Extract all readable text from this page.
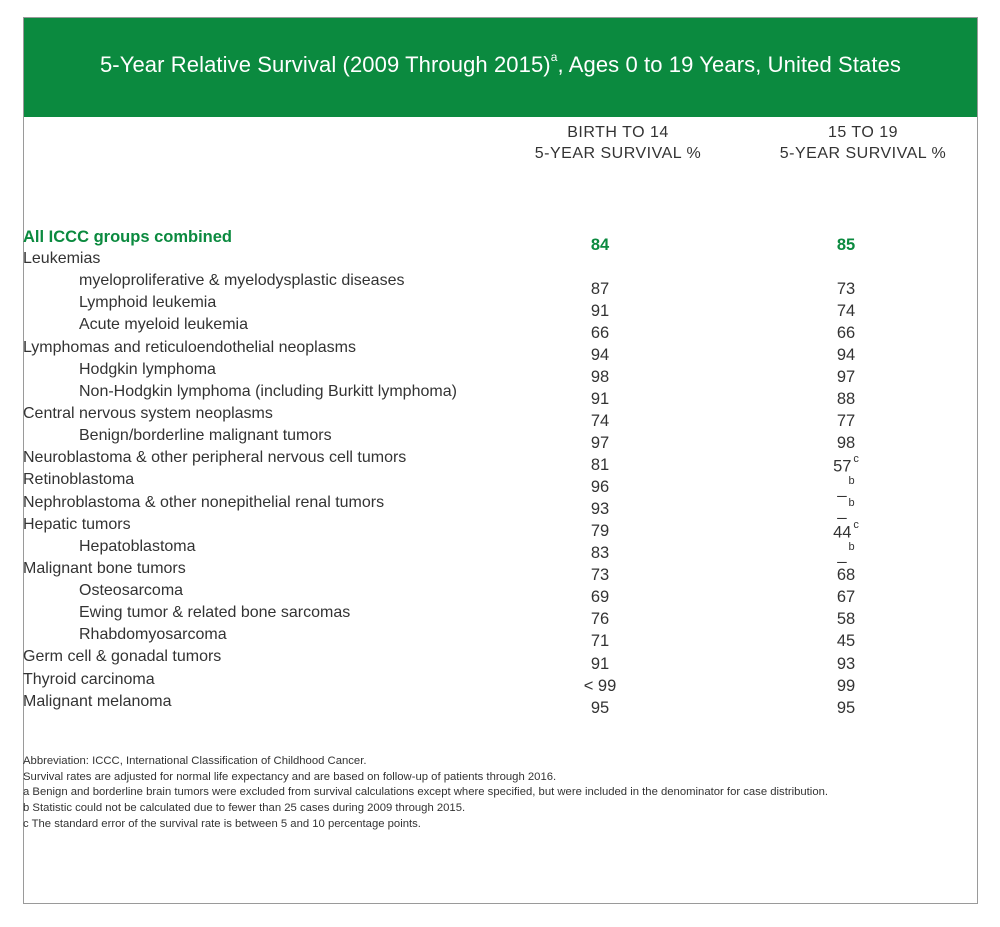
5-Year Relative Survival (2009 Through 2015)$^a$, Ages 0 to 19 Years, United States
BIRTH TO 14
5-YEAR SURVIVAL %
15 TO 19
5-YEAR SURVIVAL %
All ICCC groups combined	84	85
Leukemias
myeloproliferative & myelodysplastic diseases	87	73
Lymphoid leukemia	91	74
Acute myeloid leukemia	66	66
Lymphomas and reticuloendothelial neoplasms	94	94
Hodgkin lymphoma	98	97
Non-Hodgkin lymphoma (including Burkitt lymphoma)	91	88
Central nervous system neoplasms	74	77
Benign/borderline malignant tumors	97	98
Neuroblastoma & other peripheral nervous cell tumors	81	57 $^c$
Retinoblastoma	96	_ $^b$
Nephroblastoma & other nonepithelial renal tumors	93	_ $^b$
Hepatic tumors	79	44 $^c$
Hepatoblastoma	83	_ $^b$
Malignant bone tumors	73	68
Osteosarcoma	69	67
Ewing tumor & related bone sarcomas	76	58
Rhabdomyosarcoma	71	45
Germ cell & gonadal tumors	91	93
Thyroid carcinoma	< 99	99
Malignant melanoma	95	95

Abbreviation: ICCC, International Classification of Childhood Cancer.

Survival rates are adjusted for normal life expectancy and are based on follow-up of patients through 2016.

a Benign and borderline brain tumors were excluded from survival calculations except where specified, but were included in the denominator for case distribution.

b Statistic could not be calculated due to fewer than 25 cases during 2009 through 2015.

c The standard error of the survival rate is between 5 and 10 percentage points.
